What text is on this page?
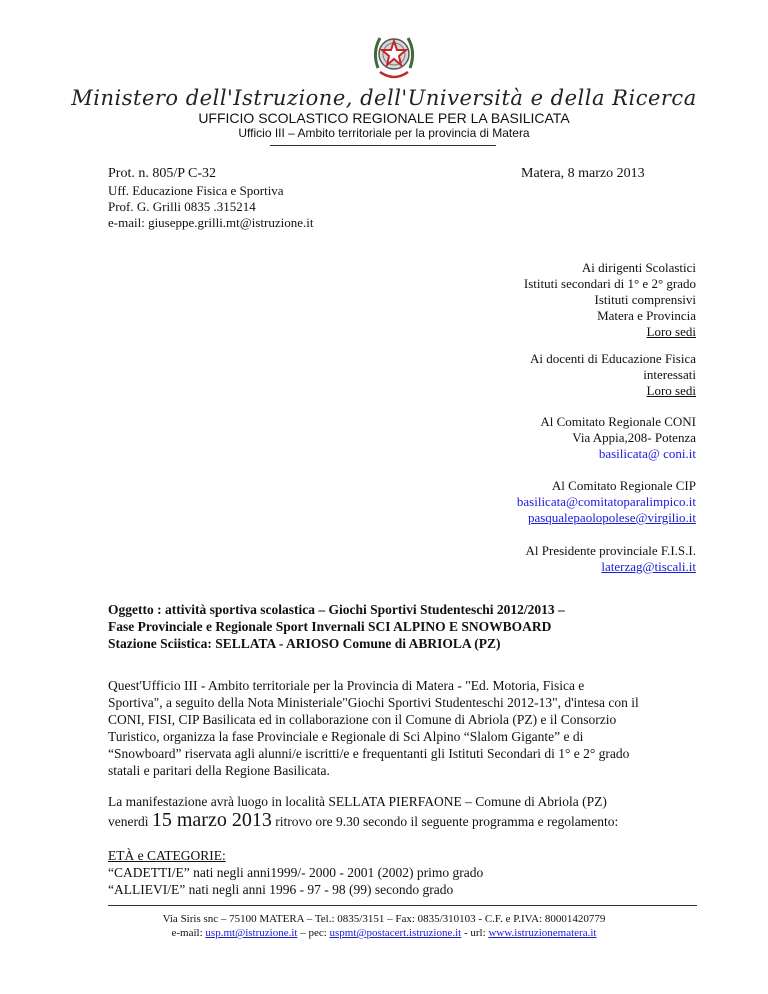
Ministero dell'Istruzione, dell'Università e della Ricerca
UFFICIO SCOLASTICO REGIONALE PER LA BASILICATA
Ufficio III – Ambito territoriale per la provincia di Matera
Prot. n. 805/P C-32	Matera, 8 marzo 2013
Uff. Educazione Fisica e Sportiva
Prof. G. Grilli 0835 .315214
e-mail: giuseppe.grilli.mt@istruzione.it
Ai dirigenti Scolastici
Istituti secondari di 1° e 2° grado
Istituti comprensivi
Matera e Provincia
Loro sedi
Ai docenti di Educazione Fisica
interessati
Loro sedi
Al Comitato Regionale CONI
Via Appia,208- Potenza
basilicata@ coni.it
Al Comitato Regionale CIP
basilicata@comitatoparalimpico.it
pasqualepaolopolese@virgilio.it
Al Presidente provinciale F.I.S.I.
laterzag@tiscali.it
Oggetto : attività sportiva scolastica – Giochi Sportivi Studenteschi 2012/2013 –
Fase Provinciale e Regionale Sport Invernali SCI ALPINO E SNOWBOARD
Stazione Sciistica: SELLATA - ARIOSO Comune di ABRIOLA (PZ)
Quest'Ufficio III - Ambito territoriale per la Provincia di Matera - "Ed. Motoria, Fisica e
Sportiva", a seguito della Nota Ministeriale"Giochi Sportivi Studenteschi 2012-13", d'intesa con il
CONI, FISI, CIP Basilicata ed in collaborazione con il Comune di Abriola (PZ) e il Consorzio
Turistico, organizza la fase Provinciale e Regionale di Sci Alpino “Slalom Gigante” e di
“Snowboard” riservata agli alunni/e iscritti/e e frequentanti gli Istituti Secondari di 1° e 2° grado
statali e paritari della Regione Basilicata.
La manifestazione avrà luogo in località SELLATA PIERFAONE – Comune di Abriola (PZ)
venerdì 15 marzo 2013 ritrovo ore 9.30 secondo il seguente programma e regolamento:
ETÀ e CATEGORIE:
“CADETTI/E” nati negli anni1999/- 2000 - 2001 (2002) primo grado
“ALLIEVI/E” nati negli anni 1996 - 97 - 98 (99) secondo grado
Via Siris snc – 75100 MATERA – Tel.: 0835/3151 – Fax: 0835/310103 - C.F. e P.IVA: 80001420779
e-mail: usp.mt@istruzione.it – pec: uspmt@postacert.istruzione.it - url: www.istruzionematera.it
